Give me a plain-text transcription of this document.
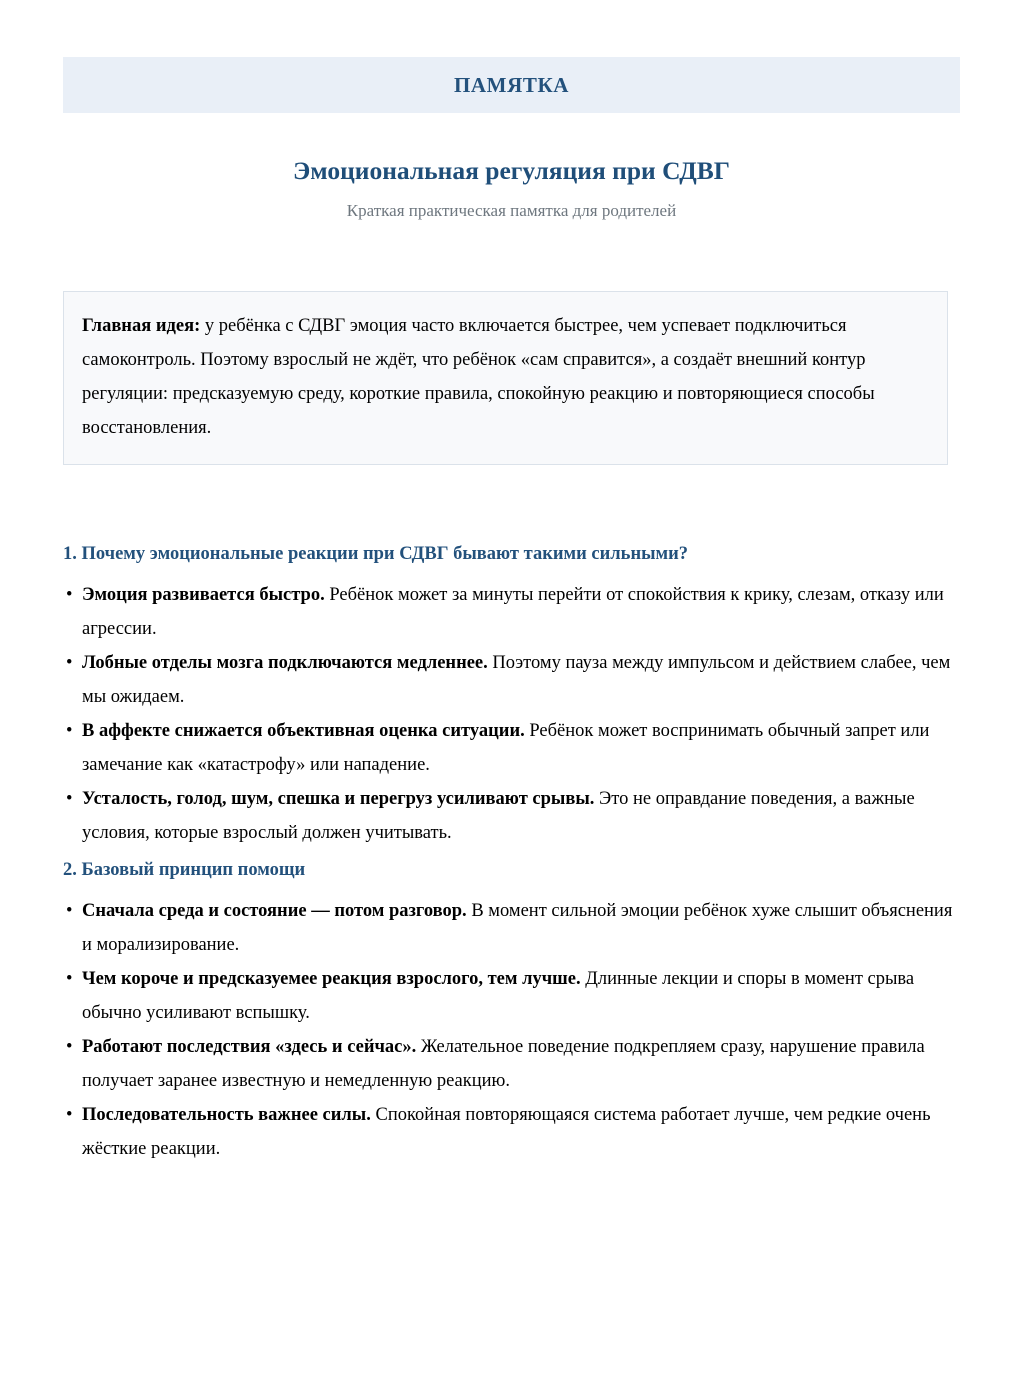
ПАМЯТКА
Эмоциональная регуляция при СДВГ

Краткая практическая памятка для родителей

Главная идея: у ребёнка с СДВГ эмоция часто включается быстрее, чем успевает подключиться самоконтроль. Поэтому взрослый не ждёт, что ребёнок «сам справится», а создаёт внешний контур регуляции: предсказуемую среду, короткие правила, спокойную реакцию и повторяющиеся способы восстановления.

1. Почему эмоциональные реакции при СДВГ бывают такими сильными?
• Эмоция развивается быстро. Ребёнок может за минуты перейти от спокойствия к крику, слезам, отказу или агрессии.
• Лобные отделы мозга подключаются медленнее. Поэтому пауза между импульсом и действием слабее, чем мы ожидаем.
• В аффекте снижается объективная оценка ситуации. Ребёнок может воспринимать обычный запрет или замечание как «катастрофу» или нападение.
• Усталость, голод, шум, спешка и перегруз усиливают срывы. Это не оправдание поведения, а важные условия, которые взрослый должен учитывать.
2. Базовый принцип помощи
• Сначала среда и состояние — потом разговор. В момент сильной эмоции ребёнок хуже слышит объяснения и морализирование.
• Чем короче и предсказуемее реакция взрослого, тем лучше. Длинные лекции и споры в момент срыва обычно усиливают вспышку.
• Работают последствия «здесь и сейчас». Желательное поведение подкрепляем сразу, нарушение правила получает заранее известную и немедленную реакцию.
• Последовательность важнее силы. Спокойная повторяющаяся система работает лучше, чем редкие очень жёсткие реакции.
